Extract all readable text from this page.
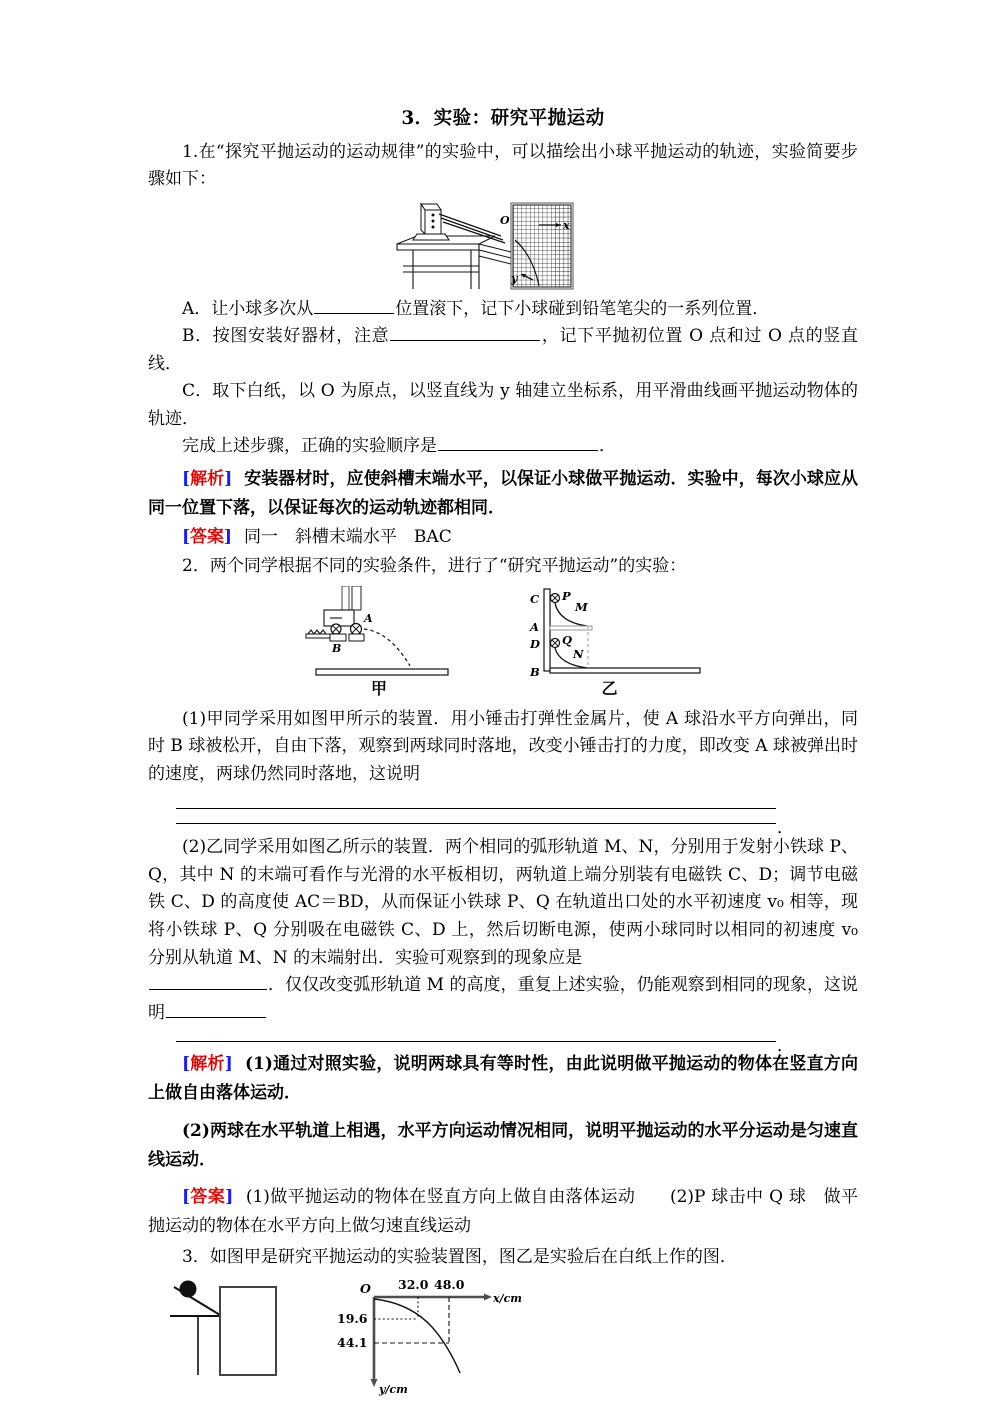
3．实验：研究平抛运动

1.在“探究平抛运动的运动规律”的实验中，可以描绘出小球平抛运动的轨迹，实验简要步骤如下：

O	x
y

A．让小球多次从	位置滚下，记下小球碰到铅笔笔尖的一系列位置．

B．按图安装好器材，注意	，记下平抛初位置 O 点和过 O 点的竖直线．

C．取下白纸，以 O 为原点，以竖直线为 y 轴建立坐标系，用平滑曲线画平抛运动物体的轨迹．

完成上述步骤，正确的实验顺序是	．

[解析] 安装器材时，应使斜槽末端水平，以保证小球做平抛运动．实验中，每次小球应从同一位置下落，以保证每次的运动轨迹都相同．

[答案] 同一　斜槽末端水平　BAC

2．两个同学根据不同的实验条件，进行了“研究平抛运动”的实验：

A
B
甲
C
A
D
B
P
M
Q
N
乙

(1)甲同学采用如图甲所示的装置．用小锤击打弹性金属片，使 A 球沿水平方向弹出，同时 B 球被松开，自由下落，观察到两球同时落地，改变小锤击打的力度，即改变 A 球被弹出时的速度，两球仍然同时落地，这说明

．

(2)乙同学采用如图乙所示的装置．两个相同的弧形轨道 M、N，分别用于发射小铁球 P、Q，其中 N 的末端可看作与光滑的水平板相切，两轨道上端分别装有电磁铁 C、D；调节电磁铁 C、D 的高度使 AC＝BD，从而保证小铁球 P、Q 在轨道出口处的水平初速度 v₀ 相等，现将小铁球 P、Q 分别吸在电磁铁 C、D 上，然后切断电源，使两小球同时以相同的初速度 v₀ 分别从轨道 M、N 的末端射出．实验可观察到的现象应是

．仅仅改变弧形轨道 M 的高度，重复上述实验，仍能观察到相同的现象，这说明

．

[解析] (1)通过对照实验，说明两球具有等时性，由此说明做平抛运动的物体在竖直方向上做自由落体运动．

(2)两球在水平轨道上相遇，水平方向运动情况相同，说明平抛运动的水平分运动是匀速直线运动．

[答案] (1)做平抛运动的物体在竖直方向上做自由落体运动　　(2)P 球击中 Q 球　做平抛运动的物体在水平方向上做匀速直线运动

3．如图甲是研究平抛运动的实验装置图，图乙是实验后在白纸上作的图．

O 32.0 48.0
19.6
44.1
x/cm
y/cm
